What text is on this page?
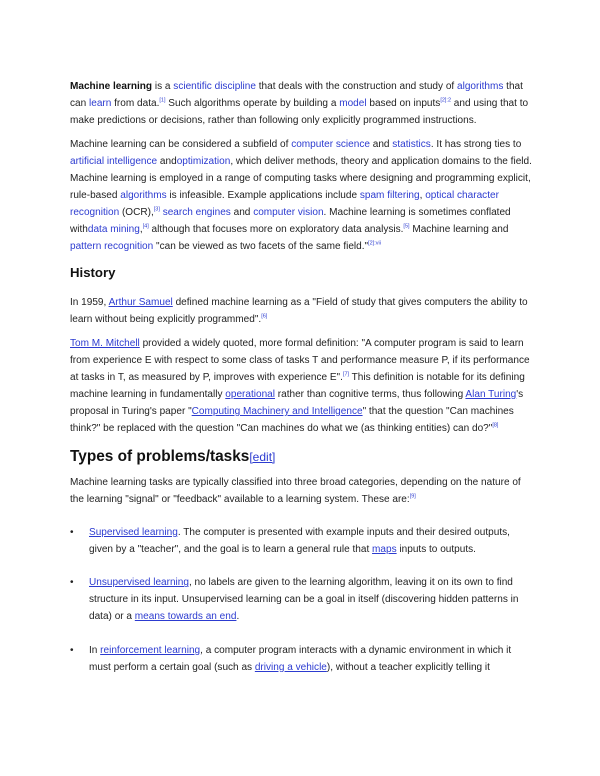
Machine learning is a scientific discipline that deals with the construction and study of algorithms that can learn from data.[1] Such algorithms operate by building a model based on inputs$^{[2]:2}$ and using that to make predictions or decisions, rather than following only explicitly programmed instructions.

Machine learning can be considered a subfield of computer science and statistics. It has strong ties to artificial intelligence andoptimization, which deliver methods, theory and application domains to the field. Machine learning is employed in a range of computing tasks where designing and programming explicit, rule-based algorithms is infeasible. Example applications include spam filtering, optical character recognition (OCR),[3] search engines and computer vision. Machine learning is sometimes conflated withdata mining,[4] although that focuses more on exploratory data analysis.[5] Machine learning and pattern recognition "can be viewed as two facets of the same field."$^{[2]:vii}$

History

In 1959, Arthur Samuel defined machine learning as a "Field of study that gives computers the ability to learn without being explicitly programmed".[6]

Tom M. Mitchell provided a widely quoted, more formal definition: "A computer program is said to learn from experience E with respect to some class of tasks T and performance measure P, if its performance at tasks in T, as measured by P, improves with experience E".[7] This definition is notable for its defining machine learning in fundamentally operational rather than cognitive terms, thus following Alan Turing's proposal in Turing's paper "Computing Machinery and Intelligence" that the question "Can machines think?" be replaced with the question "Can machines do what we (as thinking entities) can do?"[8]

Types of problems/tasks[edit]

Machine learning tasks are typically classified into three broad categories, depending on the nature of the learning "signal" or "feedback" available to a learning system. These are:[9]

• Supervised learning. The computer is presented with example inputs and their desired outputs, given by a "teacher", and the goal is to learn a general rule that maps inputs to outputs.
• Unsupervised learning, no labels are given to the learning algorithm, leaving it on its own to find structure in its input. Unsupervised learning can be a goal in itself (discovering hidden patterns in data) or a means towards an end.
• In reinforcement learning, a computer program interacts with a dynamic environment in which it must perform a certain goal (such as driving a vehicle), without a teacher explicitly telling it
